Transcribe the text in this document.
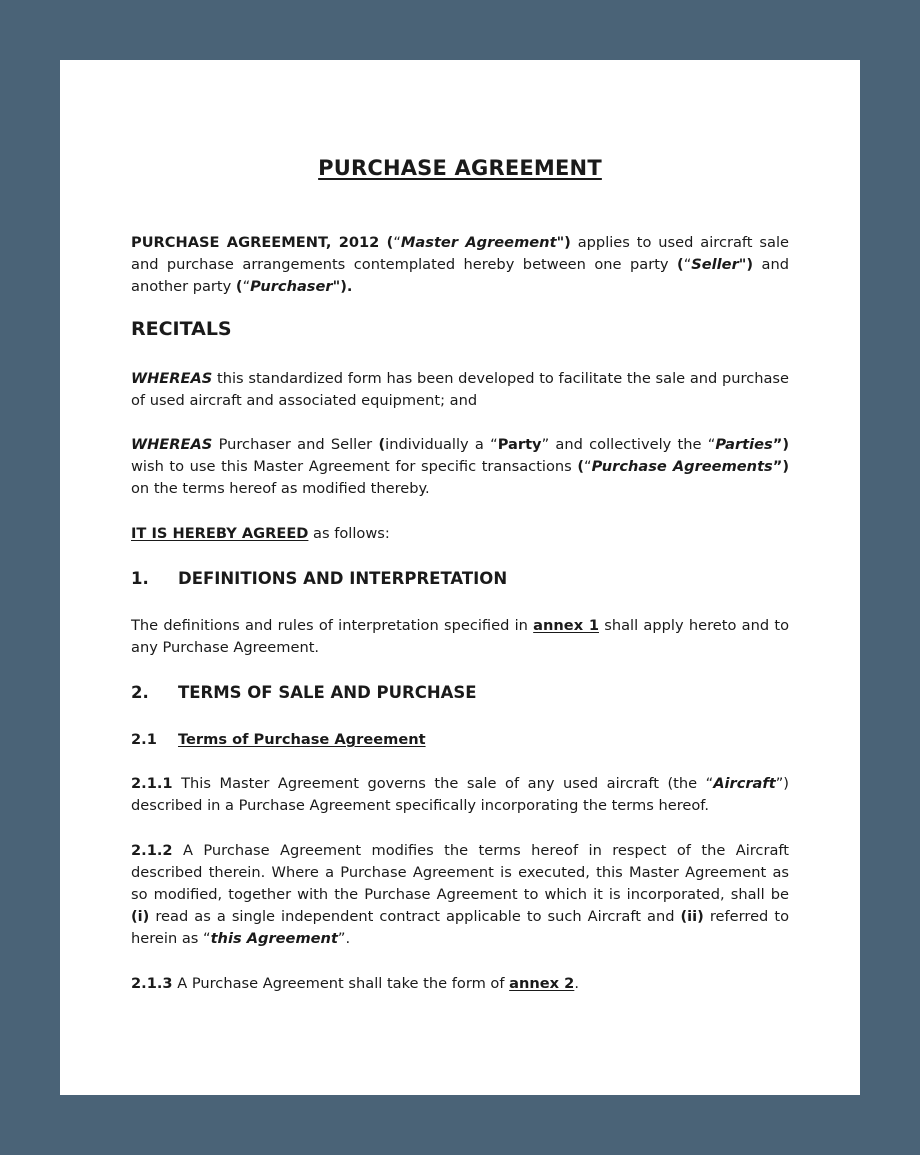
PURCHASE AGREEMENT

PURCHASE AGREEMENT, 2012 (“Master Agreement") applies to used aircraft sale and purchase arrangements contemplated hereby between one party (“Seller") and another party (“Purchaser").

RECITALS

WHEREAS this standardized form has been developed to facilitate the sale and purchase of used aircraft and associated equipment; and

WHEREAS Purchaser and Seller (individually a “Party” and collectively the “Parties”) wish to use this Master Agreement for specific transactions (“Purchase Agreements”) on the terms hereof as modified thereby.

IT IS HEREBY AGREED as follows:

1. DEFINITIONS AND INTERPRETATION

The definitions and rules of interpretation specified in annex 1 shall apply hereto and to any Purchase Agreement.

2. TERMS OF SALE AND PURCHASE
2.1 Terms of Purchase Agreement

2.1.1 This Master Agreement governs the sale of any used aircraft (the “Aircraft”) described in a Purchase Agreement specifically incorporating the terms hereof.

2.1.2 A Purchase Agreement modifies the terms hereof in respect of the Aircraft described therein. Where a Purchase Agreement is executed, this Master Agreement as so modified, together with the Purchase Agreement to which it is incorporated, shall be (i) read as a single independent contract applicable to such Aircraft and (ii) referred to herein as “this Agreement”.

2.1.3 A Purchase Agreement shall take the form of annex 2.
